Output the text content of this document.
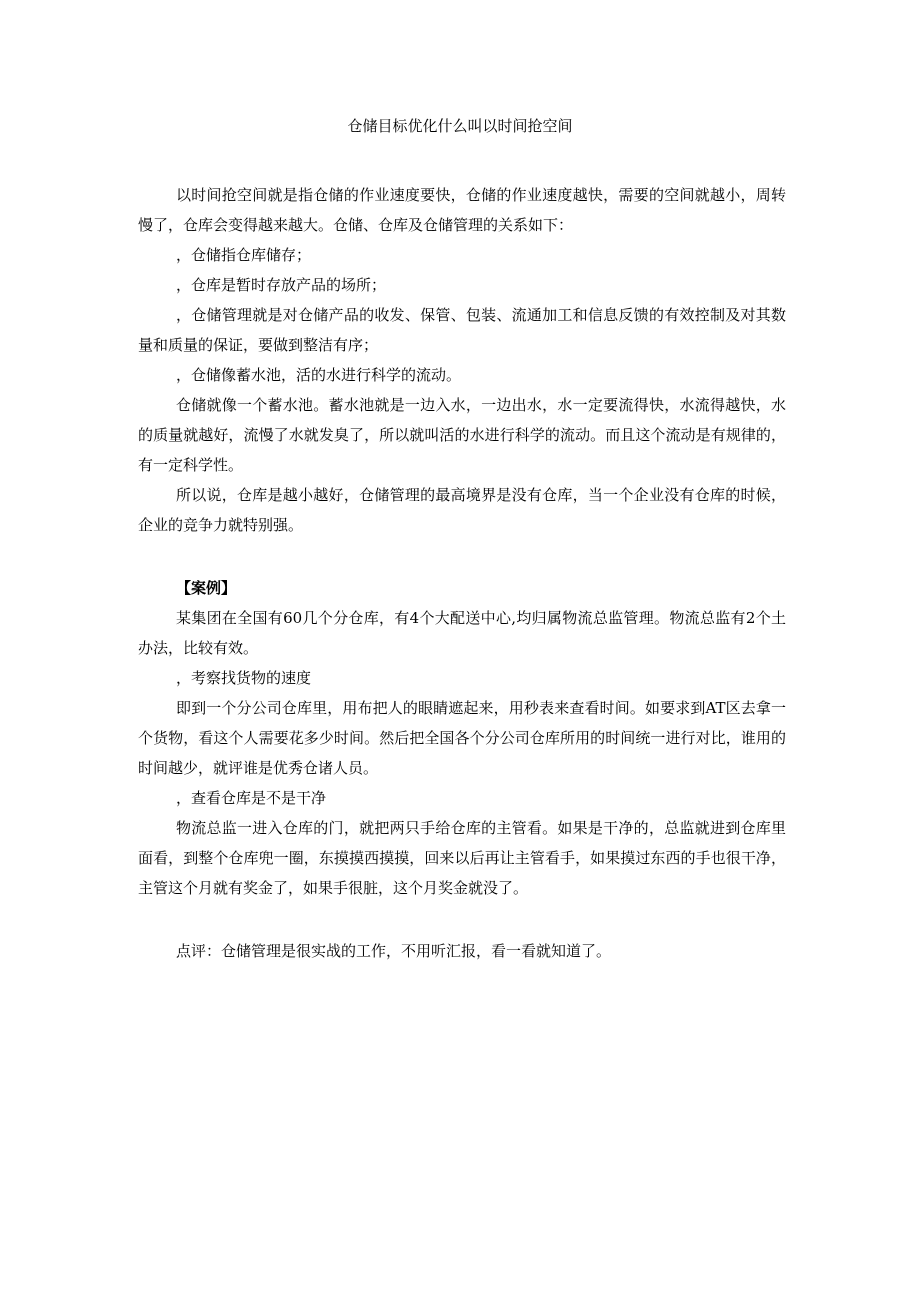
仓储目标优化什么叫以时间抢空间

以时间抢空间就是指仓储的作业速度要快，仓储的作业速度越快，需要的空间就越小，周转慢了，仓库会变得越来越大。仓储、仓库及仓储管理的关系如下：

，仓储指仓库储存；

，仓库是暂时存放产品的场所；

，仓储管理就是对仓储产品的收发、保管、包装、流通加工和信息反馈的有效控制及对其数量和质量的保证，要做到整洁有序；

，仓储像蓄水池，活的水进行科学的流动。

仓储就像一个蓄水池。蓄水池就是一边入水，一边出水，水一定要流得快，水流得越快，水的质量就越好，流慢了水就发臭了，所以就叫活的水进行科学的流动。而且这个流动是有规律的，有一定科学性。

所以说，仓库是越小越好，仓储管理的最高境界是没有仓库，当一个企业没有仓库的时候，企业的竞争力就特别强。

【案例】

某集团在全国有60几个分仓库，有4个大配送中心,均归属物流总监管理。物流总监有2个土办法，比较有效。

，考察找货物的速度

即到一个分公司仓库里，用布把人的眼睛遮起来，用秒表来查看时间。如要求到AT区去拿一个货物，看这个人需要花多少时间。然后把全国各个分公司仓库所用的时间统一进行对比，谁用的时间越少，就评谁是优秀仓诸人员。

，查看仓库是不是干净

物流总监一进入仓库的门，就把两只手给仓库的主管看。如果是干净的，总监就进到仓库里面看，到整个仓库兜一圈，东摸摸西摸摸，回来以后再让主管看手，如果摸过东西的手也很干净，主管这个月就有奖金了，如果手很脏，这个月奖金就没了。

点评：仓储管理是很实战的工作，不用听汇报，看一看就知道了。
